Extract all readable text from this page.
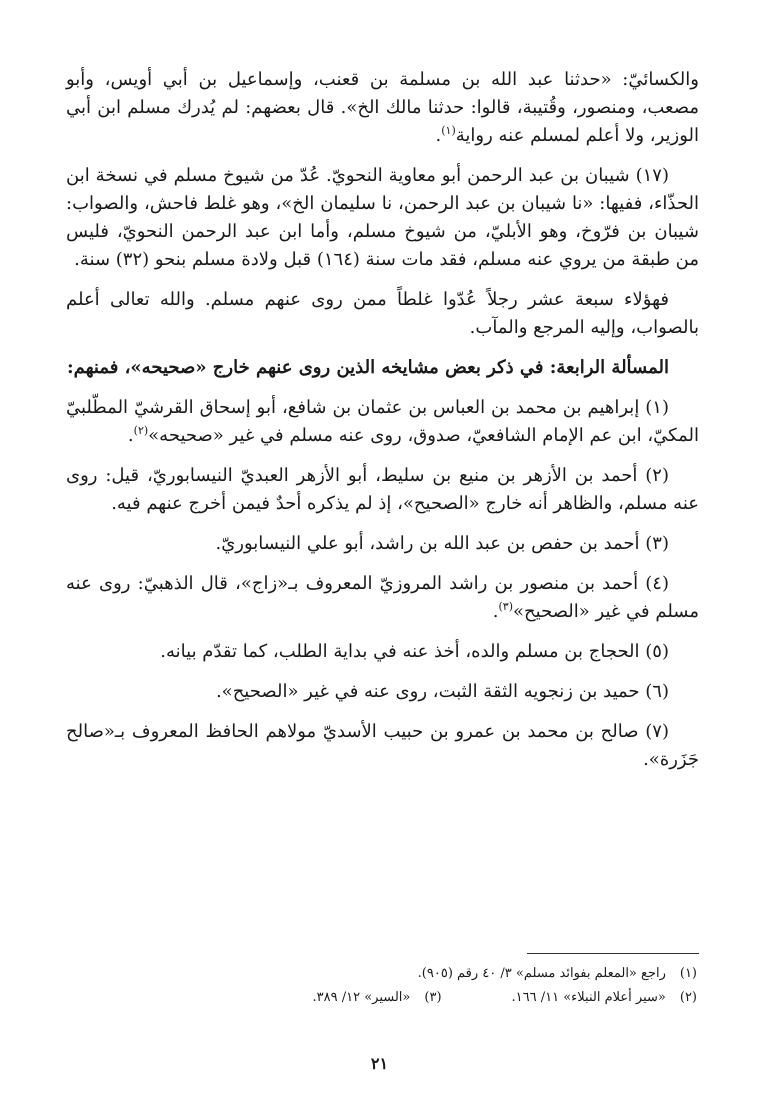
والكسائيّ: «حدثنا عبد الله بن مسلمة بن قعنب، وإسماعيل بن أبي أويس، وأبو مصعب، ومنصور، وقُتيبة، قالوا: حدثنا مالك الخ». قال بعضهم: لم يُدرك مسلم ابن أبي الوزير، ولا أعلم لمسلم عنه رواية$^{(١)}$.

(١٧) شيبان بن عبد الرحمن أبو معاوية النحويّ. عُدّ من شيوخ مسلم في نسخة ابن الحذّاء، ففيها: «نا شيبان بن عبد الرحمن، نا سليمان الخ»، وهو غلط فاحش، والصواب: شيبان بن فرّوخ، وهو الأبليّ، من شيوخ مسلم، وأما ابن عبد الرحمن النحويّ، فليس من طبقة من يروي عنه مسلم، فقد مات سنة (١٦٤) قبل ولادة مسلم بنحو (٣٢) سنة.

فهؤلاء سبعة عشر رجلاً عُدّوا غلطاً ممن روى عنهم مسلم. والله تعالى أعلم بالصواب، وإليه المرجع والمآب.

المسألة الرابعة: في ذكر بعض مشايخه الذين روى عنهم خارج «صحيحه»، فمنهم:

(١) إبراهيم بن محمد بن العباس بن عثمان بن شافع، أبو إسحاق القرشيّ المطّلبيّ المكيّ، ابن عم الإمام الشافعيّ، صدوق، روى عنه مسلم في غير «صحيحه»$^{(٢)}$.

(٢) أحمد بن الأزهر بن منيع بن سليط، أبو الأزهر العبديّ النيسابوريّ، قيل: روى عنه مسلم، والظاهر أنه خارج «الصحيح»، إذ لم يذكره أحدٌ فيمن أخرج عنهم فيه.

(٣) أحمد بن حفص بن عبد الله بن راشد، أبو علي النيسابوريّ.

(٤) أحمد بن منصور بن راشد المروزيّ المعروف بـ«زاج»، قال الذهبيّ: روى عنه مسلم في غير «الصحيح»$^{(٣)}$.

(٥) الحجاج بن مسلم والده، أخذ عنه في بداية الطلب، كما تقدّم بيانه.

(٦) حميد بن زنجويه الثقة الثبت، روى عنه في غير «الصحيح».

(٧) صالح بن محمد بن عمرو بن حبيب الأسديّ مولاهم الحافظ المعروف بـ«صالح جَزَرة».

(١)راجع «المعلم بفوائد مسلم» ٣/ ٤٠ رقم (٩٠٥).
(٢)«سير أعلام النبلاء» ١١/ ١٦٦.(٣)«السير» ١٢/ ٣٨٩.
٢١
